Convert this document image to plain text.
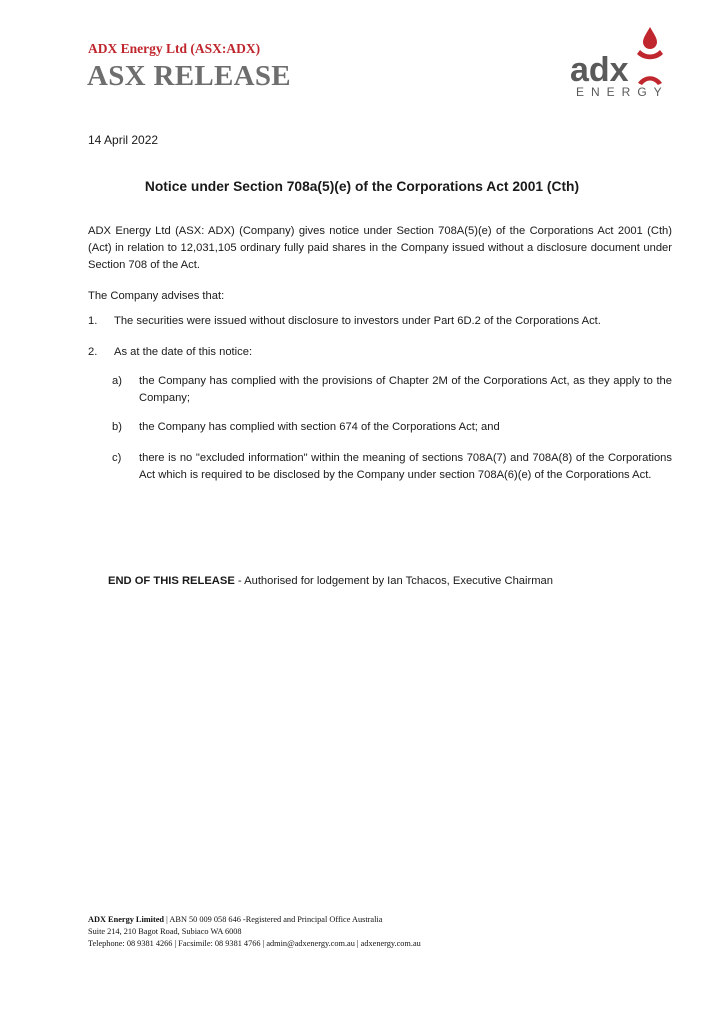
ADX Energy Ltd (ASX:ADX)
ASX RELEASE	adx
ENERGY
14 April 2022
Notice under Section 708a(5)(e) of the Corporations Act 2001 (Cth)
ADX Energy Ltd (ASX: ADX) (Company) gives notice under Section 708A(5)(e) of the Corporations Act 2001 (Cth) (Act) in relation to 12,031,105 ordinary fully paid shares in the Company issued without a disclosure document under Section 708 of the Act.
The Company advises that:
1. The securities were issued without disclosure to investors under Part 6D.2 of the Corporations Act.
2. As at the date of this notice:
a) the Company has complied with the provisions of Chapter 2M of the Corporations Act, as they apply to the Company;
b) the Company has complied with section 674 of the Corporations Act; and
c) there is no "excluded information" within the meaning of sections 708A(7) and 708A(8) of the Corporations Act which is required to be disclosed by the Company under section 708A(6)(e) of the Corporations Act.
END OF THIS RELEASE - Authorised for lodgement by Ian Tchacos, Executive Chairman
ADX Energy Limited | ABN 50 009 058 646 -Registered and Principal Office Australia
Suite 214, 210 Bagot Road, Subiaco WA 6008
Telephone: 08 9381 4266 | Facsimile: 08 9381 4766 | admin@adxenergy.com.au | adxenergy.com.au
